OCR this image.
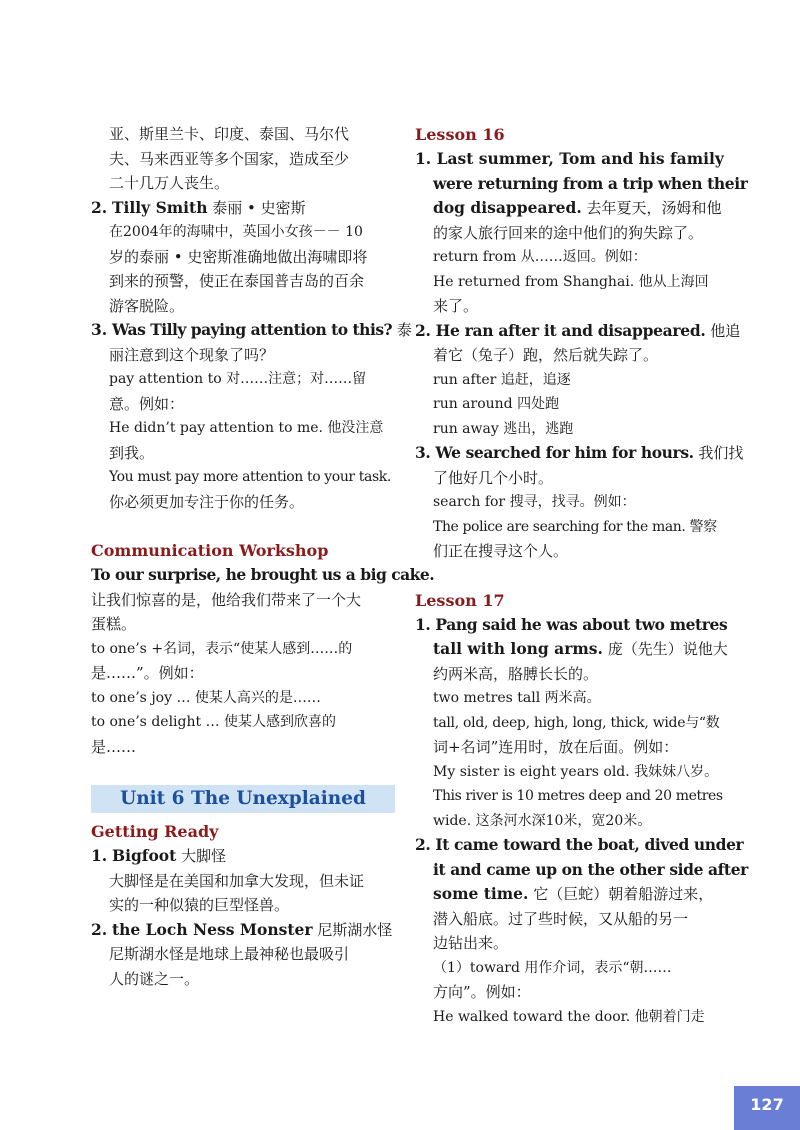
亚、斯里兰卡、印度、泰国、马尔代
夫、马来西亚等多个国家，造成至少
二十几万人丧生。
2. Tilly Smith 泰丽 • 史密斯
在2004年的海啸中，英国小女孩－－ 10
岁的泰丽 • 史密斯准确地做出海啸即将
到来的预警，使正在泰国普吉岛的百余
游客脱险。
3. Was Tilly paying attention to this? 泰
丽注意到这个现象了吗？
pay attention to 对……注意；对……留
意。例如：
He didn’t pay attention to me. 他没注意
到我。
You must pay more attention to your task.
你必须更加专注于你的任务。
Communication Workshop
To our surprise, he brought us a big cake.
让我们惊喜的是，他给我们带来了一个大
蛋糕。
to one’s +名词，表示“使某人感到……的
是……”。例如：
to one’s joy … 使某人高兴的是……
to one’s delight … 使某人感到欣喜的
是……
Unit 6 The Unexplained
Getting Ready
1. Bigfoot 大脚怪
大脚怪是在美国和加拿大发现，但未证
实的一种似猿的巨型怪兽。
2. the Loch Ness Monster 尼斯湖水怪
尼斯湖水怪是地球上最神秘也最吸引
人的谜之一。
Lesson 16
1. Last summer, Tom and his family
were returning from a trip when their
dog disappeared. 去年夏天，汤姆和他
的家人旅行回来的途中他们的狗失踪了。
return from 从……返回。例如：
He returned from Shanghai. 他从上海回
来了。
2. He ran after it and disappeared. 他追
着它（兔子）跑，然后就失踪了。
run after 追赶，追逐
run around 四处跑
run away 逃出，逃跑
3. We searched for him for hours. 我们找
了他好几个小时。
search for 搜寻，找寻。例如：
The police are searching for the man. 警察
们正在搜寻这个人。
Lesson 17
1. Pang said he was about two metres
tall with long arms. 庞（先生）说他大
约两米高，胳膊长长的。
two metres tall 两米高。
tall, old, deep, high, long, thick, wide与“数
词+名词”连用时，放在后面。例如：
My sister is eight years old. 我妹妹八岁。
This river is 10 metres deep and 20 metres
wide. 这条河水深10米，宽20米。
2. It came toward the boat, dived under
it and came up on the other side after
some time. 它（巨蛇）朝着船游过来，
潜入船底。过了些时候，又从船的另一
边钻出来。
（1）toward 用作介词，表示“朝……
方向”。例如：
He walked toward the door. 他朝着门走
127
